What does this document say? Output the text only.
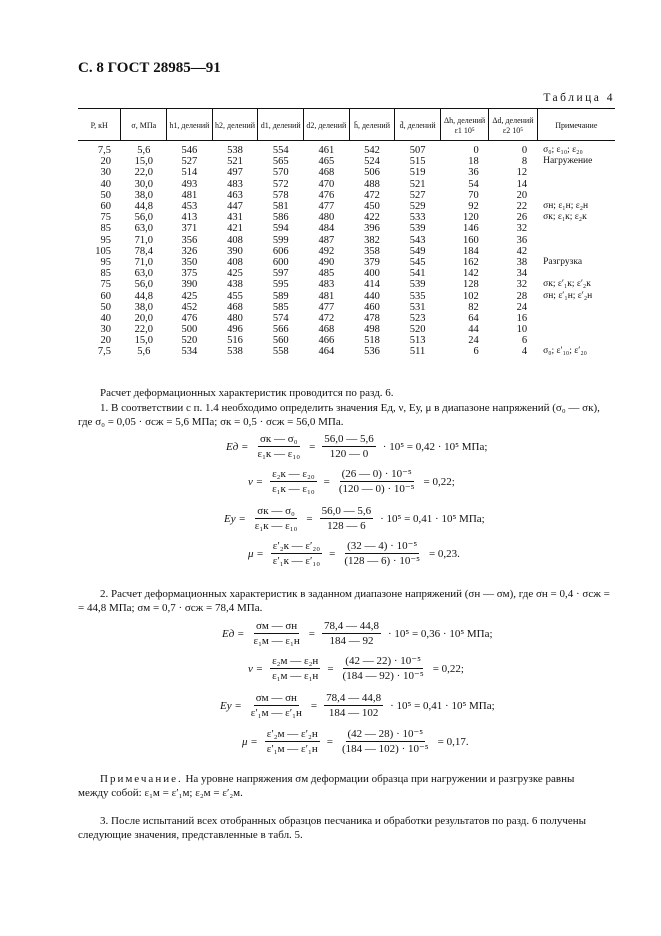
С. 8 ГОСТ 28985—91
Таблица 4
P, кН	σ, МПа	h1, делений	h2, делений	d1, делений	d2, делений	h̄, делений	d̄, делений	Δh, делений ε1 10⁵	Δd, делений ε2 10⁵	Примечание
7,5	5,6	546	538	554	461	542	507	0	0	σ₀; ε₁₀; ε₂₀
20	15,0	527	521	565	465	524	515	18	8	Нагружение
30	22,0	514	497	570	468	506	519	36	12	
40	30,0	493	483	572	470	488	521	54	14	
50	38,0	481	463	578	476	472	527	70	20	
60	44,8	453	447	581	477	450	529	92	22	σн; ε₁н; ε₂н
75	56,0	413	431	586	480	422	533	120	26	σк; ε₁к; ε₂к
85	63,0	371	421	594	484	396	539	146	32	
95	71,0	356	408	599	487	382	543	160	36	
105	78,4	326	390	606	492	358	549	184	42	
95	71,0	350	408	600	490	379	545	162	38	Разгрузка
85	63,0	375	425	597	485	400	541	142	34	
75	56,0	390	438	595	483	414	539	128	32	σк; ε′₁к; ε′₂к
60	44,8	425	455	589	481	440	535	102	28	σн; ε′₁н; ε′₂н
50	38,0	452	468	585	477	460	531	82	24	
40	20,0	476	480	574	472	478	523	64	16	
30	22,0	500	496	566	468	498	520	44	10	
20	15,0	520	516	560	466	518	513	24	6	
7,5	5,6	534	538	558	464	536	511	6	4	σ₀; ε′₁₀; ε′₂₀
Расчет деформационных характеристик проводится по разд. 6.
1. В соответствии с п. 1.4 необходимо определить значения Eд, ν, Eу, μ в диапазоне напряжений (σ₀ — σк),
где σ₀ = 0,05 · σсж = 5,6 МПа; σк = 0,5 · σсж = 56,0 МПа.
Eд = $\frac{\text{σк — σ₀}}{\text{ε₁к — ε₁₀}} = \frac{56,0 — 5,6}{120 — 0} \cdot 10^5 = 0,42 \cdot 10^5$ МПа;
$\nu = \frac{\text{ε₂к — ε₂₀}}{\text{ε₁к — ε₁₀}} = \frac{\text{(26 — 0) · 10⁻⁵}}{\text{(120 — 0) · 10⁻⁵}} = 0,22$;
Eу = $\frac{\text{σк — σ₀}}{\text{ε₁к — ε₁₀}} = \frac{56,0 — 5,6}{128 — 6} \cdot 10^5 = 0,41 \cdot 10^5$ МПа;
$\mu = \frac{\text{ε′₂к — ε′₂₀}}{\text{ε′₁к — ε′₁₀}} = \frac{\text{(32 — 4) · 10⁻⁵}}{\text{(128 — 6) · 10⁻⁵}} = 0,23$.
2. Расчет деформационных характеристик в заданном диапазоне напряжений (σн — σм), где σн = 0,4 · σсж =
= 44,8 МПа; σм = 0,7 · σсж = 78,4 МПа.
Eд = $\frac{\sigma м — \sigma н}{\text{ε₁м — ε₁н}} = \frac{78,4 — 44,8}{184 — 92} \cdot 10^5 = 0,36 \cdot 10^5$ МПа;
$\nu = \frac{\text{ε₂м — ε₂н}}{\text{ε₁м — ε₁н}} = \frac{\text{(42 — 22) · 10⁻⁵}}{\text{(184 — 92) · 10⁻⁵}} = 0,22$;
Eу = $\frac{\sigma м — \sigma н}{\text{ε′₁м — ε′₁н}} = \frac{78,4 — 44,8}{184 — 102} \cdot 10^5 = 0,41 \cdot 10^5$ МПа;
$\mu = \frac{\text{ε′₂м — ε′₂н}}{\text{ε′₁м — ε′₁н}} = \frac{\text{(42 — 28) · 10⁻⁵}}{\text{(184 — 102) · 10⁻⁵}} = 0,17$.
Примечание. На уровне напряжения σм деформации образца при нагружении и разгрузке равны
между собой: ε₁м = ε′₁м; ε₂м = ε′₂м.
3. После испытаний всех отобранных образцов песчаника и обработки результатов по разд. 6 получены
следующие значения, представленные в табл. 5.
